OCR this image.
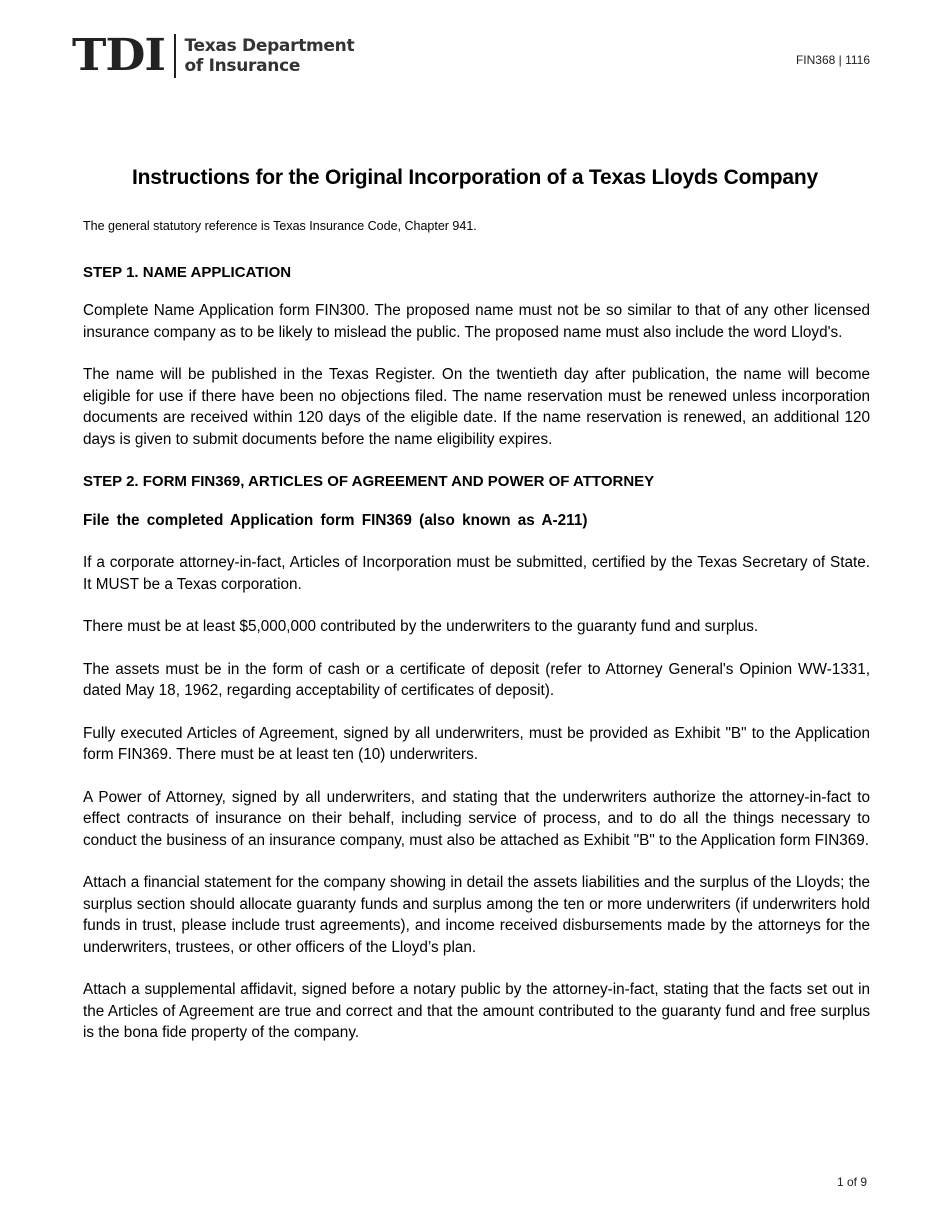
TDI Texas Department
of Insurance	FIN368 | 1116
Instructions for the Original Incorporation of a Texas Lloyds Company

The general statutory reference is Texas Insurance Code, Chapter 941.

STEP 1. NAME APPLICATION

Complete Name Application form FIN300. The proposed name must not be so similar to that of any other licensed insurance company as to be likely to mislead the public. The proposed name must also include the word Lloyd's.

The name will be published in the Texas Register. On the twentieth day after publication, the name will become eligible for use if there have been no objections filed. The name reservation must be renewed unless incorporation documents are received within 120 days of the eligible date. If the name reservation is renewed, an additional 120 days is given to submit documents before the name eligibility expires.

STEP 2. FORM FIN369, ARTICLES OF AGREEMENT AND POWER OF ATTORNEY

File the completed Application form FIN369 (also known as A-211)

If a corporate attorney-in-fact, Articles of Incorporation must be submitted, certified by the Texas Secretary of State. It MUST be a Texas corporation.

There must be at least $5,000,000 contributed by the underwriters to the guaranty fund and surplus.

The assets must be in the form of cash or a certificate of deposit (refer to Attorney General's Opinion WW-1331, dated May 18, 1962, regarding acceptability of certificates of deposit).

Fully executed Articles of Agreement, signed by all underwriters, must be provided as Exhibit "B" to the Application form FIN369. There must be at least ten (10) underwriters.

A Power of Attorney, signed by all underwriters, and stating that the underwriters authorize the attorney-in-fact to effect contracts of insurance on their behalf, including service of process, and to do all the things necessary to conduct the business of an insurance company, must also be attached as Exhibit "B" to the Application form FIN369.

Attach a financial statement for the company showing in detail the assets liabilities and the surplus of the Lloyds; the surplus section should allocate guaranty funds and surplus among the ten or more underwriters (if underwriters hold funds in trust, please include trust agreements), and income received disbursements made by the attorneys for the underwriters, trustees, or other officers of the Lloyd’s plan.

Attach a supplemental affidavit, signed before a notary public by the attorney-in-fact, stating that the facts set out in the Articles of Agreement are true and correct and that the amount contributed to the guaranty fund and free surplus is the bona fide property of the company.

1 of 9
